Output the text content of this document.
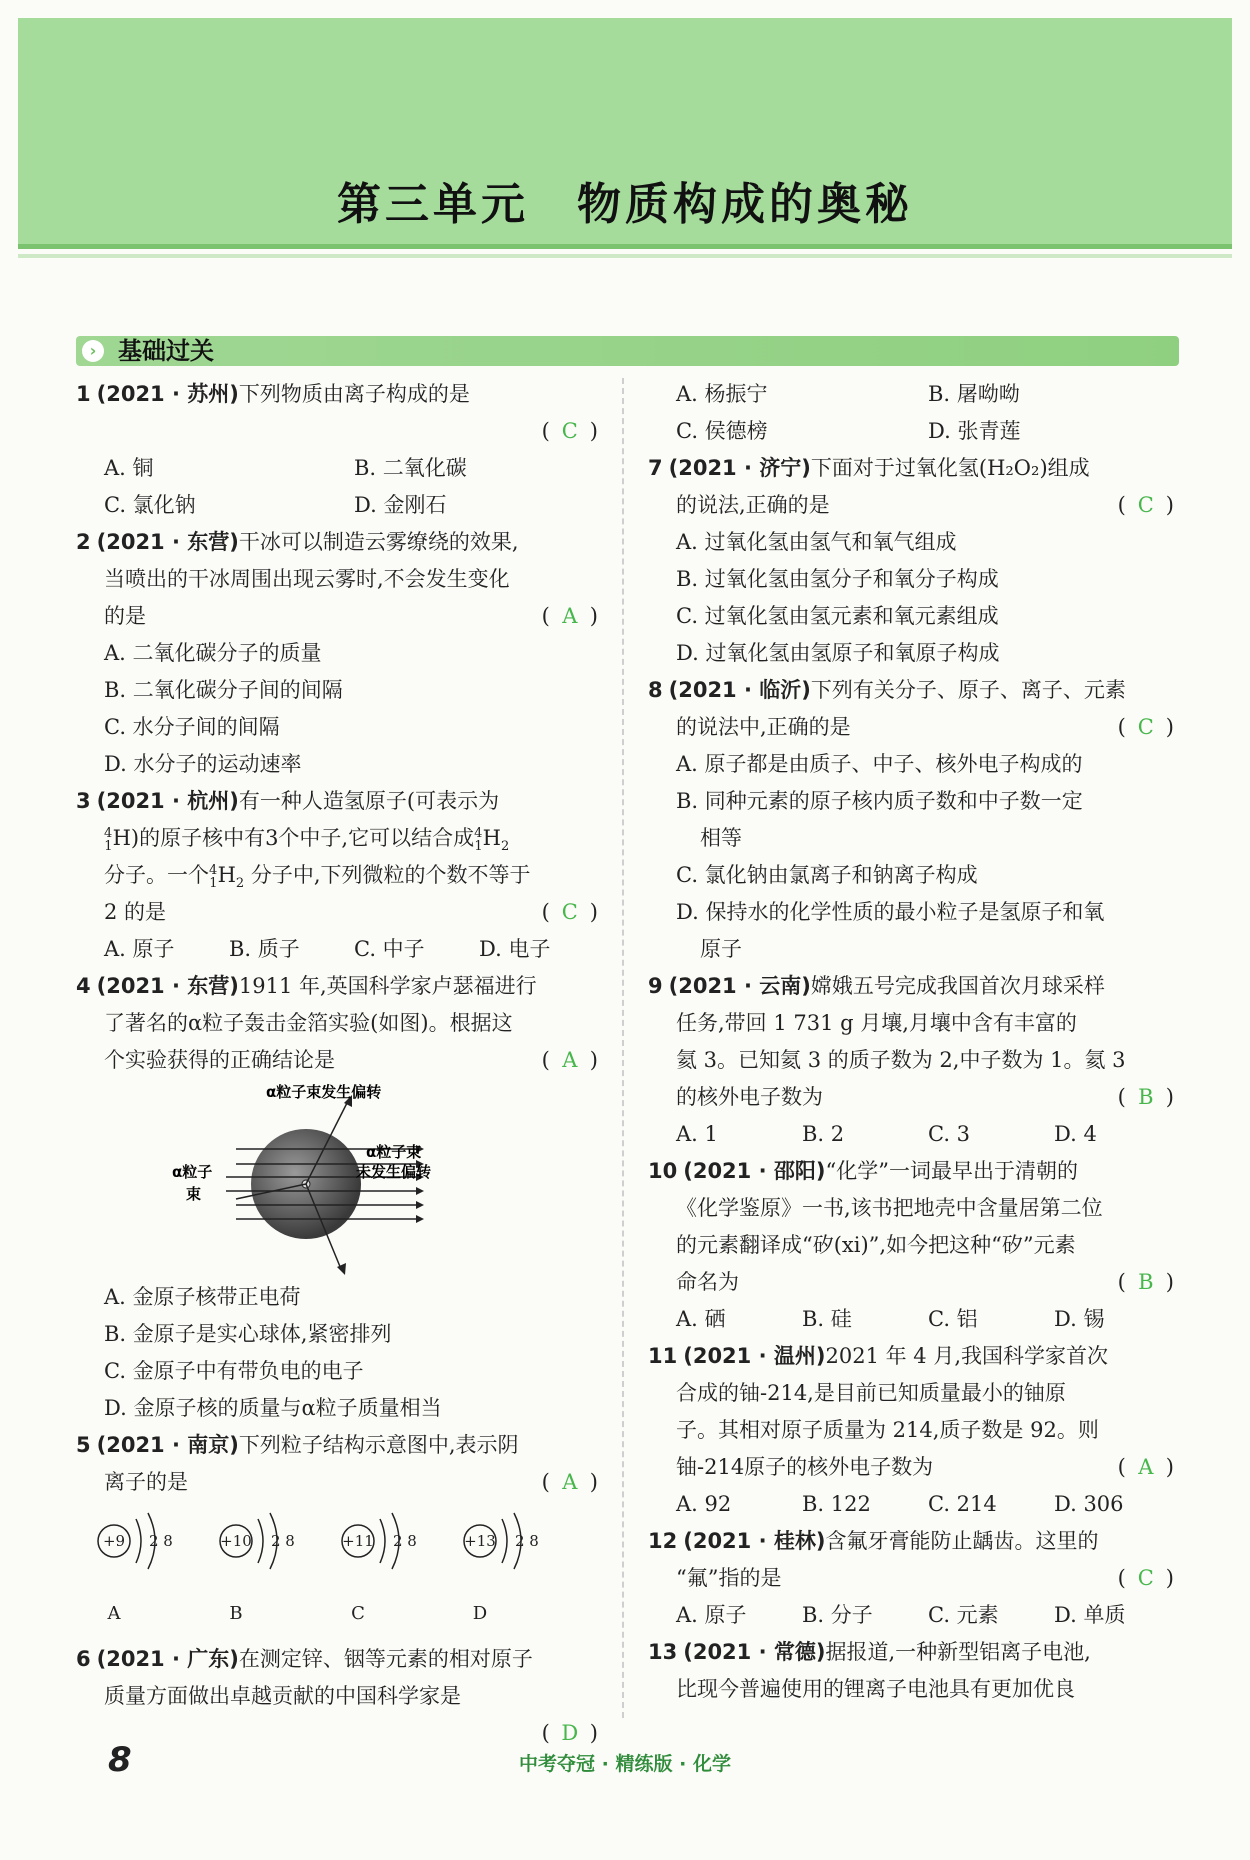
第三单元 物质构成的奥秘
› 基础过关
1 (2021 · 苏州)下列物质由离子构成的是
( C )
A. 铜	B. 二氧化碳
C. 氯化钠	D. 金刚石
2 (2021 · 东营)干冰可以制造云雾缭绕的效果,
当喷出的干冰周围出现云雾时,不会发生变化
的是	( A )
A. 二氧化碳分子的质量
B. 二氧化碳分子间的间隔
C. 水分子间的间隔
D. 水分子的运动速率
3 (2021 · 杭州)有一种人造氢原子(可表示为
$^4_1$H)的原子核中有3个中子,它可以结合成$^4_1H_2$
分子。一个$^4_1H_2$ 分子中,下列微粒的个数不等于
2 的是	( C )
A. 原子	B. 质子	C. 中子	D. 电子
4 (2021 · 东营)1911 年,英国科学家卢瑟福进行
了著名的α粒子轰击金箔实验(如图)。根据这
个实验获得的正确结论是	( A )
α粒子束发生偏转
α粒子
束
α粒子束
未发生偏转
A. 金原子核带正电荷
B. 金原子是实心球体,紧密排列
C. 金原子中有带负电的电子
D. 金原子核的质量与α粒子质量相当
5 (2021 · 南京)下列粒子结构示意图中,表示阴
离子的是	( A )
+9 2 8	+10 2 8	+11 2 8	+13 2 8
A	B	C	D
6 (2021 · 广东)在测定锌、铟等元素的相对原子
质量方面做出卓越贡献的中国科学家是
( D )
A. 杨振宁	B. 屠呦呦
C. 侯德榜	D. 张青莲
7 (2021 · 济宁)下面对于过氧化氢(H₂O₂)组成
的说法,正确的是	( C )
A. 过氧化氢由氢气和氧气组成
B. 过氧化氢由氢分子和氧分子构成
C. 过氧化氢由氢元素和氧元素组成
D. 过氧化氢由氢原子和氧原子构成
8 (2021 · 临沂)下列有关分子、原子、离子、元素
的说法中,正确的是	( C )
A. 原子都是由质子、中子、核外电子构成的
B. 同种元素的原子核内质子数和中子数一定
相等
C. 氯化钠由氯离子和钠离子构成
D. 保持水的化学性质的最小粒子是氢原子和氧
原子
9 (2021 · 云南)嫦娥五号完成我国首次月球采样
任务,带回 1 731 g 月壤,月壤中含有丰富的
氦 3。已知氦 3 的质子数为 2,中子数为 1。氦 3
的核外电子数为	( B )
A. 1	B. 2	C. 3	D. 4
10 (2021 · 邵阳)“化学”一词最早出于清朝的
《化学鉴原》一书,该书把地壳中含量居第二位
的元素翻译成“矽(xi)”,如今把这种“矽”元素
命名为	( B )
A. 硒	B. 硅	C. 铝	D. 锡
11 (2021 · 温州)2021 年 4 月,我国科学家首次
合成的铀-214,是目前已知质量最小的铀原
子。其相对原子质量为 214,质子数是 92。则
铀-214原子的核外电子数为	( A )
A. 92	B. 122	C. 214	D. 306
12 (2021 · 桂林)含氟牙膏能防止龋齿。这里的
“氟”指的是	( C )
A. 原子	B. 分子	C. 元素	D. 单质
13 (2021 · 常德)据报道,一种新型铝离子电池,
比现今普遍使用的锂离子电池具有更加优良
8	中考夺冠 · 精练版 · 化学
